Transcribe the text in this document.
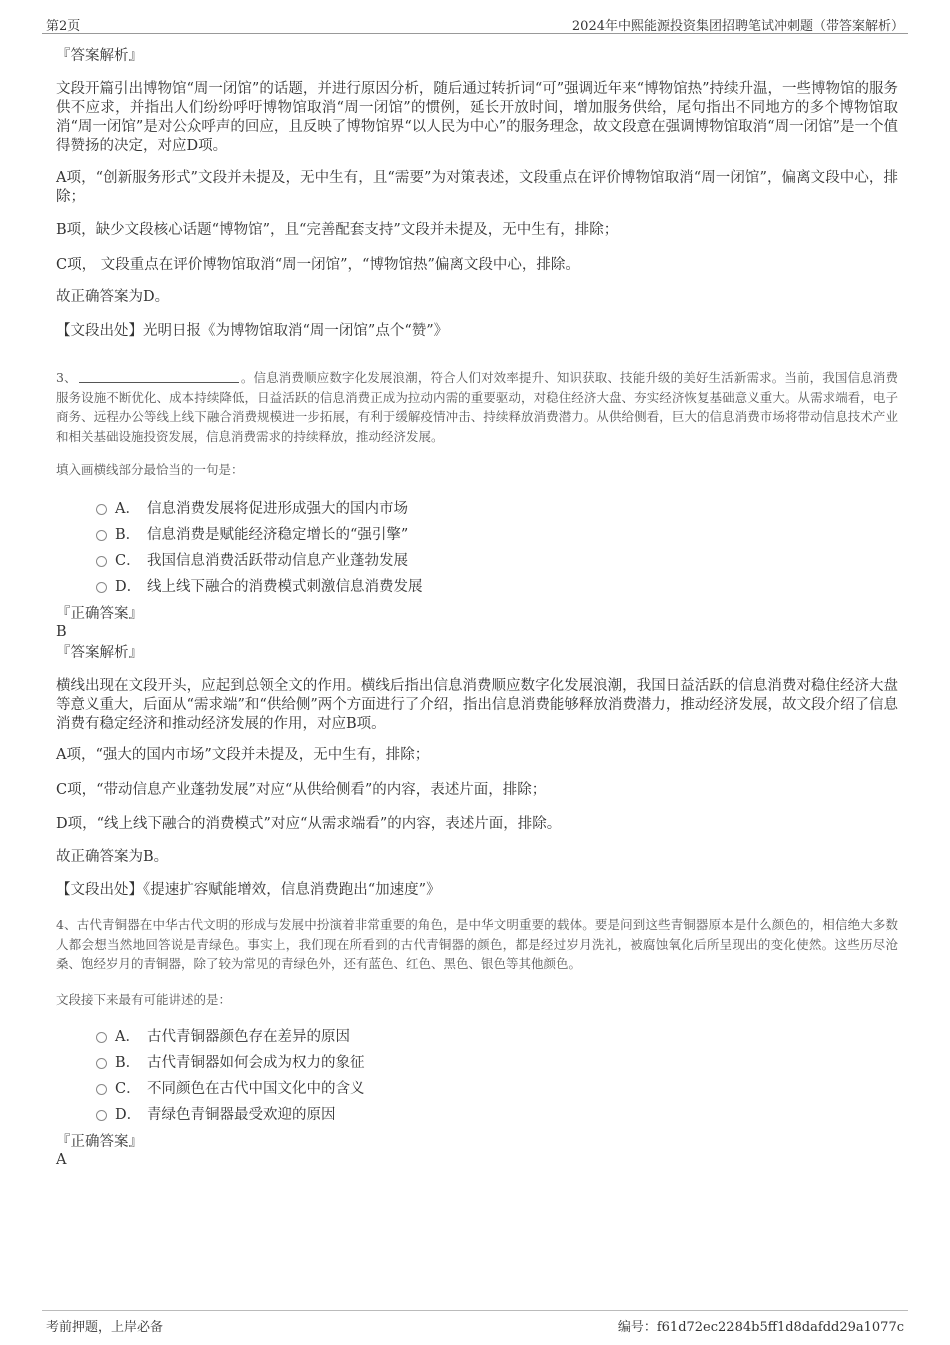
第2页	2024年中熙能源投资集团招聘笔试冲刺题（带答案解析）
『答案解析』
文段开篇引出博物馆“周一闭馆”的话题，并进行原因分析，随后通过转折词“可”强调近年来“博物馆热”持续升温，一些博物馆的服务供不应求，并指出人们纷纷呼吁博物馆取消“周一闭馆”的惯例，延长开放时间，增加服务供给，尾句指出不同地方的多个博物馆取消“周一闭馆”是对公众呼声的回应，且反映了博物馆界“以人民为中心”的服务理念，故文段意在强调博物馆取消“周一闭馆”是一个值得赞扬的决定，对应D项。
A项，“创新服务形式”文段并未提及，无中生有，且“需要”为对策表述，文段重点在评价博物馆取消“周一闭馆”，偏离文段中心，排除；
B项，缺少文段核心话题“博物馆”，且“完善配套支持”文段并未提及，无中生有，排除；
C项， 文段重点在评价博物馆取消“周一闭馆”，“博物馆热”偏离文段中心，排除。
故正确答案为D。
【文段出处】光明日报《为博物馆取消“周一闭馆”点个“赞”》
3、	。信息消费顺应数字化发展浪潮，符合人们对效率提升、知识获取、技能升级的美好生活新需求。当前，我国信息消费服务设施不断优化、成本持续降低，日益活跃的信息消费正成为拉动内需的重要驱动，对稳住经济大盘、夯实经济恢复基础意义重大。从需求端看，电子商务、远程办公等线上线下融合消费规模进一步拓展，有利于缓解疫情冲击、持续释放消费潜力。从供给侧看，巨大的信息消费市场将带动信息技术产业和相关基础设施投资发展，信息消费需求的持续释放，推动经济发展。
填入画横线部分最恰当的一句是：
A． 信息消费发展将促进形成强大的国内市场
B． 信息消费是赋能经济稳定增长的“强引擎”
C． 我国信息消费活跃带动信息产业蓬勃发展
D． 线上线下融合的消费模式刺激信息消费发展
『正确答案』
B
『答案解析』
横线出现在文段开头，应起到总领全文的作用。横线后指出信息消费顺应数字化发展浪潮，我国日益活跃的信息消费对稳住经济大盘等意义重大，后面从“需求端”和“供给侧”两个方面进行了介绍，指出信息消费能够释放消费潜力，推动经济发展，故文段介绍了信息消费有稳定经济和推动经济发展的作用，对应B项。
A项，“强大的国内市场”文段并未提及，无中生有，排除；
C项，“带动信息产业蓬勃发展”对应“从供给侧看”的内容，表述片面，排除；
D项，“线上线下融合的消费模式”对应“从需求端看”的内容，表述片面，排除。
故正确答案为B。
【文段出处】《提速扩容赋能增效，信息消费跑出“加速度”》
4、古代青铜器在中华古代文明的形成与发展中扮演着非常重要的角色，是中华文明重要的载体。要是问到这些青铜器原本是什么颜色的，相信绝大多数人都会想当然地回答说是青绿色。事实上，我们现在所看到的古代青铜器的颜色，都是经过岁月洗礼，被腐蚀氧化后所呈现出的变化使然。这些历尽沧桑、饱经岁月的青铜器，除了较为常见的青绿色外，还有蓝色、红色、黑色、银色等其他颜色。
文段接下来最有可能讲述的是：
A． 古代青铜器颜色存在差异的原因
B． 古代青铜器如何会成为权力的象征
C． 不同颜色在古代中国文化中的含义
D． 青绿色青铜器最受欢迎的原因
『正确答案』
A
考前押题，上岸必备	编号：f61d72ec2284b5ff1d8dafdd29a1077c
